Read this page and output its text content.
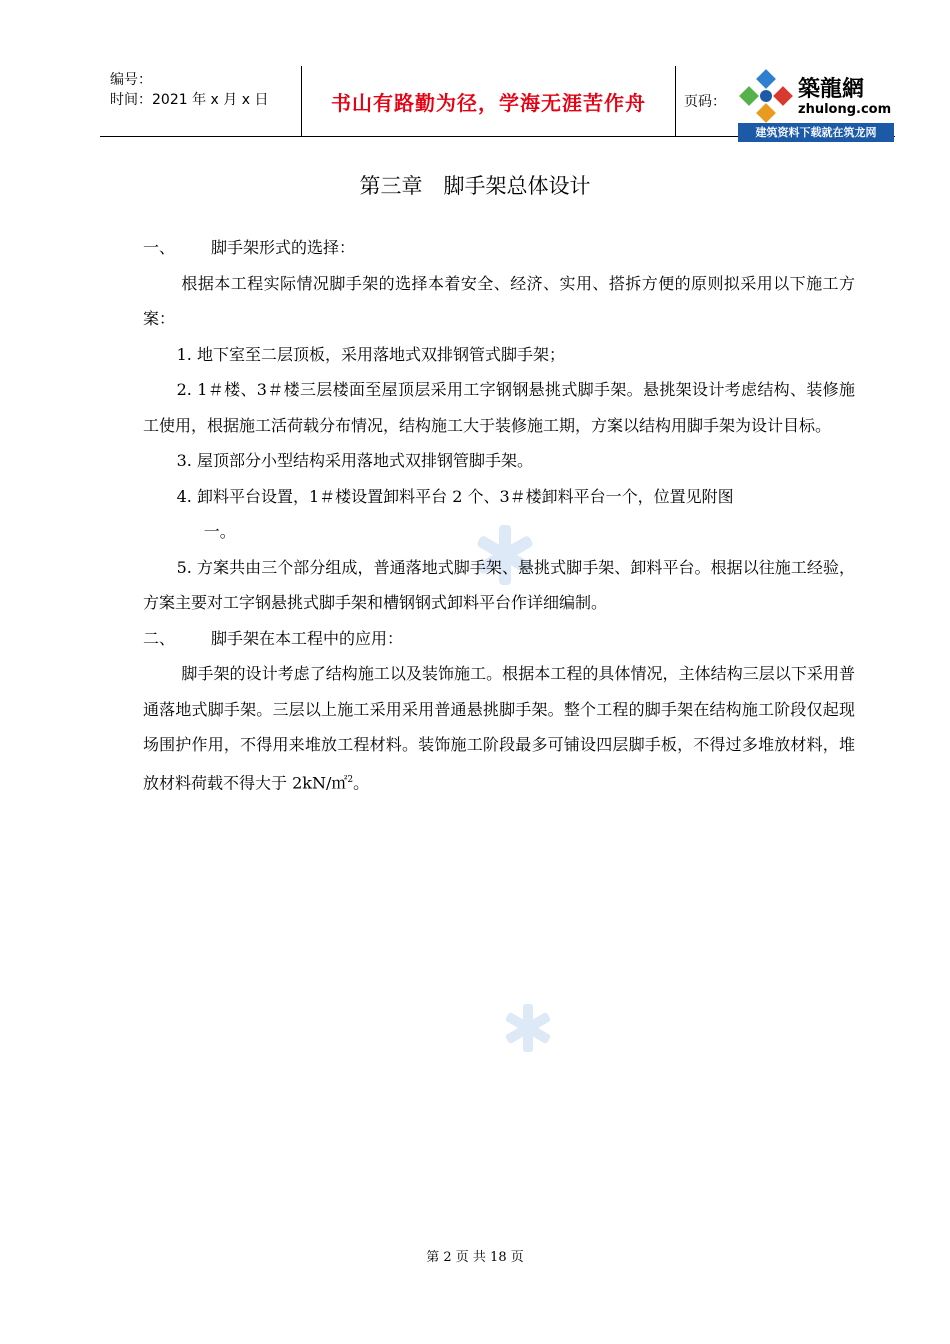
编号：
时间：2021 年 x 月 x 日	书山有路勤为径，学海无涯苦作舟	页码：	築龍網
zhulong.com
建筑资料下载就在筑龙网
第三章　脚手架总体设计

一、 脚手架形式的选择：

根据本工程实际情况脚手架的选择本着安全、经济、实用、搭拆方便的原则拟采用以下施工方案：

1. 地下室至二层顶板，采用落地式双排钢管式脚手架；

2. 1＃楼、3＃楼三层楼面至屋顶层采用工字钢钢悬挑式脚手架。悬挑架设计考虑结构、装修施工使用，根据施工活荷载分布情况，结构施工大于装修施工期，方案以结构用脚手架为设计目标。

3. 屋顶部分小型结构采用落地式双排钢管脚手架。

4. 卸料平台设置，1＃楼设置卸料平台 2 个、3＃楼卸料平台一个，位置见附图

一。

5. 方案共由三个部分组成，普通落地式脚手架、悬挑式脚手架、卸料平台。根据以往施工经验，方案主要对工字钢悬挑式脚手架和槽钢钢式卸料平台作详细编制。

二、 脚手架在本工程中的应用：

脚手架的设计考虑了结构施工以及装饰施工。根据本工程的具体情况，主体结构三层以下采用普通落地式脚手架。三层以上施工采用采用普通悬挑脚手架。整个工程的脚手架在结构施工阶段仅起现场围护作用，不得用来堆放工程材料。装饰施工阶段最多可铺设四层脚手板，不得过多堆放材料，堆放材料荷载不得大于 2kN/㎡$^2$。

第 2 页 共 18 页
